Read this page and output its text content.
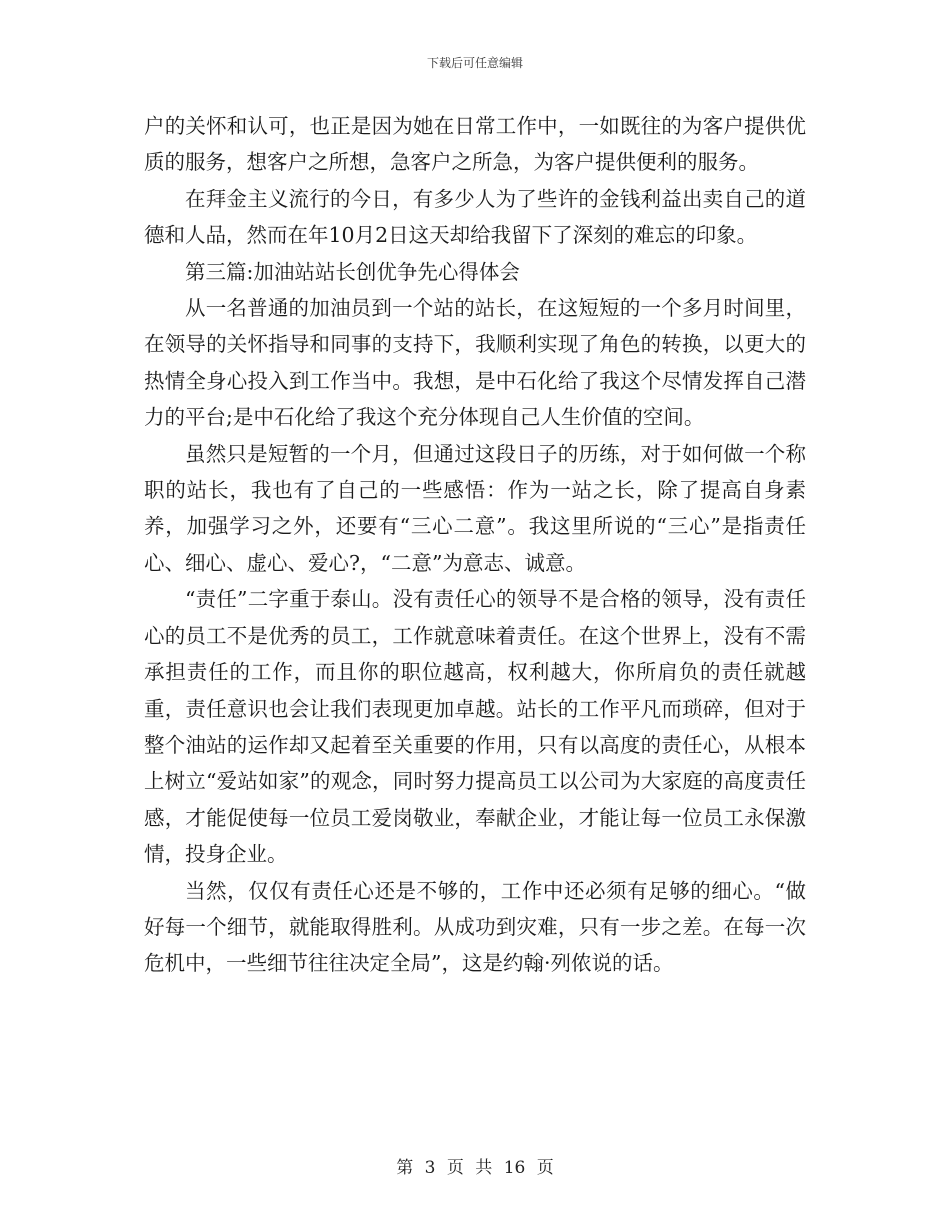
下载后可任意编辑

户的关怀和认可，也正是因为她在日常工作中，一如既往的为客户提供优质的服务，想客户之所想，急客户之所急，为客户提供便利的服务。

在拜金主义流行的今日，有多少人为了些许的金钱利益出卖自己的道德和人品，然而在年10月2日这天却给我留下了深刻的难忘的印象。

第三篇:加油站站长创优争先心得体会

从一名普通的加油员到一个站的站长，在这短短的一个多月时间里，在领导的关怀指导和同事的支持下，我顺利实现了角色的转换，以更大的热情全身心投入到工作当中。我想，是中石化给了我这个尽情发挥自己潜力的平台;是中石化给了我这个充分体现自己人生价值的空间。

虽然只是短暂的一个月，但通过这段日子的历练，对于如何做一个称职的站长，我也有了自己的一些感悟：作为一站之长，除了提高自身素养，加强学习之外，还要有“三心二意”。我这里所说的“三心”是指责任心、细心、虚心、爱心?，“二意”为意志、诚意。

“责任”二字重于泰山。没有责任心的领导不是合格的领导，没有责任心的员工不是优秀的员工，工作就意味着责任。在这个世界上，没有不需承担责任的工作，而且你的职位越高，权利越大，你所肩负的责任就越重，责任意识也会让我们表现更加卓越。站长的工作平凡而琐碎，但对于整个油站的运作却又起着至关重要的作用，只有以高度的责任心，从根本上树立“爱站如家”的观念，同时努力提高员工以公司为大家庭的高度责任感，才能促使每一位员工爱岗敬业，奉献企业，才能让每一位员工永保激情，投身企业。

当然，仅仅有责任心还是不够的，工作中还必须有足够的细心。“做好每一个细节，就能取得胜利。从成功到灾难，只有一步之差。在每一次危机中，一些细节往往决定全局”，这是约翰·列侬说的话。

第 3 页 共 16 页
